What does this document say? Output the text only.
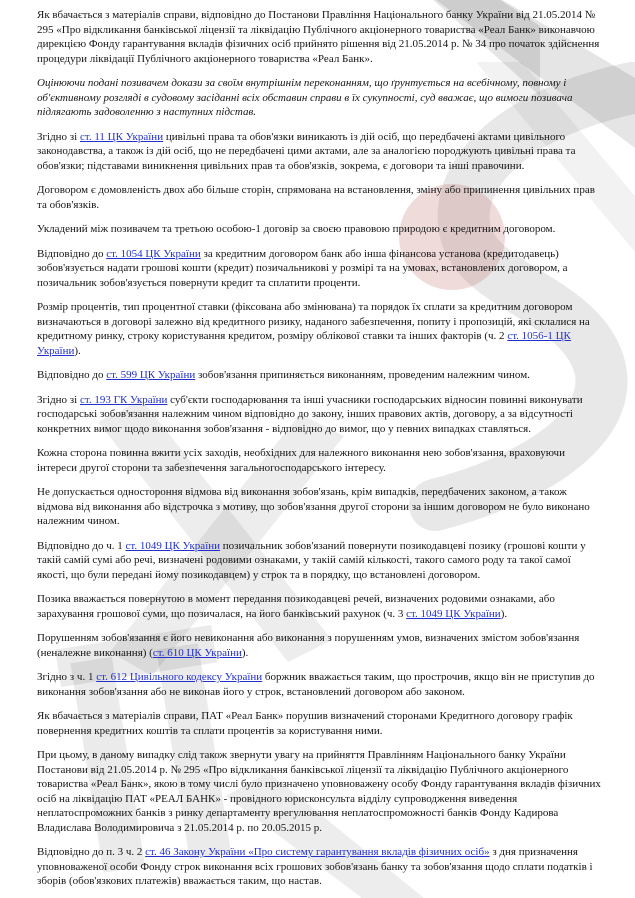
Як вбачається з матеріалів справи, відповідно до Постанови Правління Національного банку України від 21.05.2014 № 295 «Про відкликання банківської ліцензії та ліквідацію Публічного акціонерного товариства «Реал Банк» виконавчою дирекцією Фонду гарантування вкладів фізичних осіб прийнято рішення від 21.05.2014 р. № 34 про початок здійснення процедури ліквідації Публічного акціонерного товариства «Реал Банк».

Оцінюючи подані позивачем докази за своїм внутрішнім переконанням, що ґрунтується на всебічному, повному і об'єктивному розгляді в судовому засіданні всіх обставин справи в їх сукупності, суд вважає, що вимоги позивача підлягають задоволенню з наступних підстав.

Згідно зі ст. 11 ЦК України цивільні права та обов'язки виникають із дій осіб, що передбачені актами цивільного законодавства, а також із дій осіб, що не передбачені цими актами, але за аналогією породжують цивільні права та обов'язки; підставами виникнення цивільних прав та обов'язків, зокрема, є договори та інші правочини.

Договором є домовленість двох або більше сторін, спрямована на встановлення, зміну або припинення цивільних прав та обов'язків.

Укладений між позивачем та третьою особою-1 договір за своєю правовою природою є кредитним договором.

Відповідно до ст. 1054 ЦК України за кредитним договором банк або інша фінансова установа (кредитодавець) зобов'язується надати грошові кошти (кредит) позичальникові у розмірі та на умовах, встановлених договором, а позичальник зобов'язується повернути кредит та сплатити проценти.

Розмір процентів, тип процентної ставки (фіксована або змінювана) та порядок їх сплати за кредитним договором визначаються в договорі залежно від кредитного ризику, наданого забезпечення, попиту і пропозицій, які склалися на кредитному ринку, строку користування кредитом, розміру облікової ставки та інших факторів (ч. 2 ст. 1056-1 ЦК України).

Відповідно до ст. 599 ЦК України зобов'язання припиняється виконанням, проведеним належним чином.

Згідно зі ст. 193 ГК України суб'єкти господарювання та інші учасники господарських відносин повинні виконувати господарські зобов'язання належним чином відповідно до закону, інших правових актів, договору, а за відсутності конкретних вимог щодо виконання зобов'язання - відповідно до вимог, що у певних випадках ставляться.

Кожна сторона повинна вжити усіх заходів, необхідних для належного виконання нею зобов'язання, враховуючи інтереси другої сторони та забезпечення загальногосподарського інтересу.

Не допускається одностороння відмова від виконання зобов'язань, крім випадків, передбачених законом, а також відмова від виконання або відстрочка з мотиву, що зобов'язання другої сторони за іншим договором не було виконано належним чином.

Відповідно до ч. 1 ст. 1049 ЦК України позичальник зобов'язаний повернути позикодавцеві позику (грошові кошти у такій самій сумі або речі, визначені родовими ознаками, у такій самій кількості, такого самого роду та такої самої якості, що були передані йому позикодавцем) у строк та в порядку, що встановлені договором.

Позика вважається повернутою в момент передання позикодавцеві речей, визначених родовими ознаками, або зарахування грошової суми, що позичалася, на його банківський рахунок (ч. 3 ст. 1049 ЦК України).

Порушенням зобов'язання є його невиконання або виконання з порушенням умов, визначених змістом зобов'язання (неналежне виконання) (ст. 610 ЦК України).

Згідно з ч. 1 ст. 612 Цивільного кодексу України боржник вважається таким, що прострочив, якщо він не приступив до виконання зобов'язання або не виконав його у строк, встановлений договором або законом.

Як вбачається з матеріалів справи, ПАТ «Реал Банк» порушив визначений сторонами Кредитного договору графік повернення кредитних коштів та сплати процентів за користування ними.

При цьому, в даному випадку слід також звернути увагу на прийняття Правлінням Національного банку України Постанови від 21.05.2014 р. № 295 «Про відкликання банківської ліцензії та ліквідацію Публічного акціонерного товариства «Реал Банк», якою в тому числі було призначено уповноважену особу Фонду гарантування вкладів фізичних осіб на ліквідацію ПАТ «РЕАЛ БАНК» - провідного юрисконсульта відділу супроводження виведення неплатоспроможних банків з ринку департаменту врегулювання неплатоспроможності банків Фонду Кадирова Владислава Володимировича з 21.05.2014 р. по 20.05.2015 р.

Відповідно до п. 3 ч. 2 ст. 46 Закону України «Про систему гарантування вкладів фізичних осіб» з дня призначення уповноваженої особи Фонду строк виконання всіх грошових зобов'язань банку та зобов'язання щодо сплати податків і зборів (обов'язкових платежів) вважається таким, що настав.
